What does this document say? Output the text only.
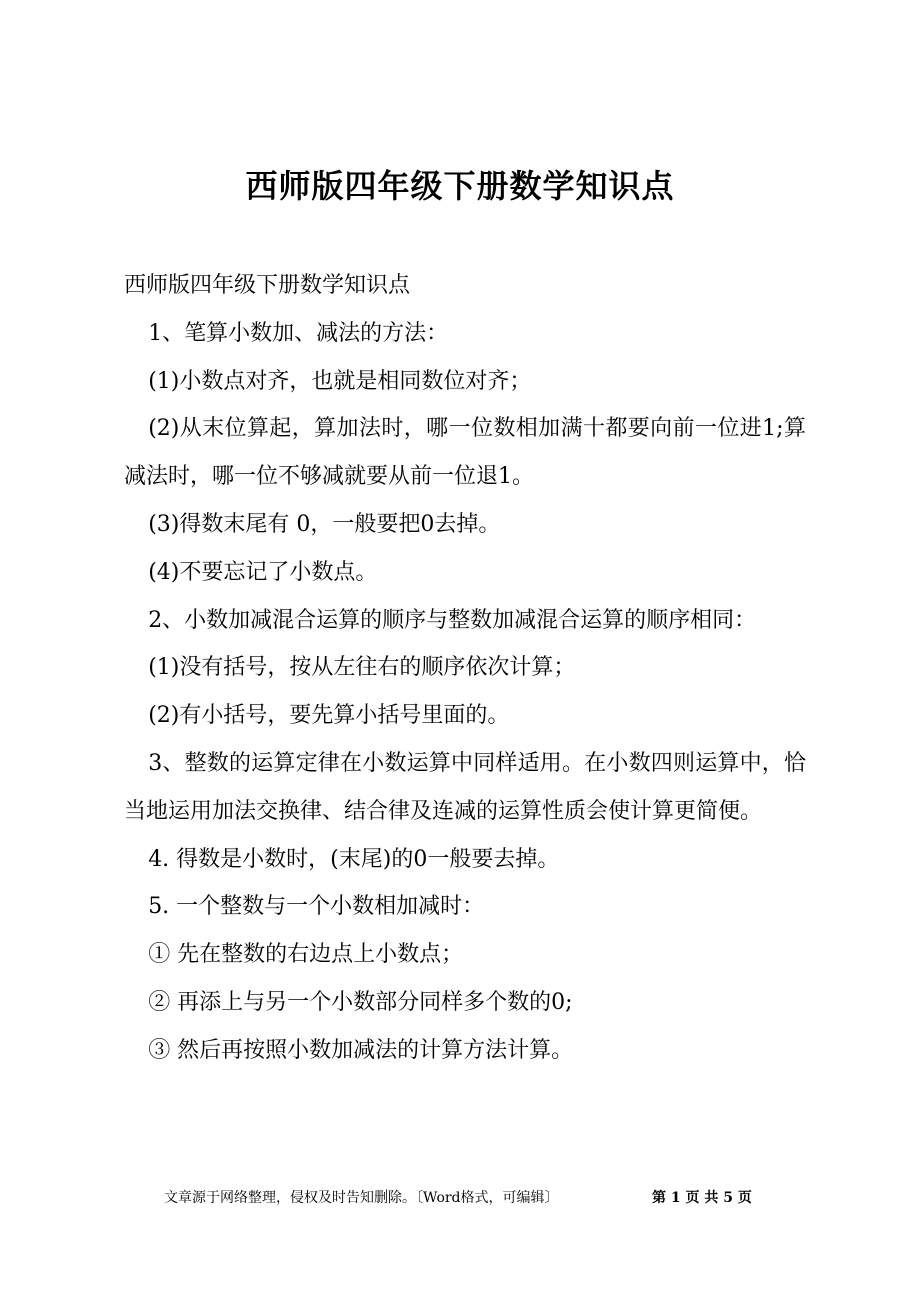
西师版四年级下册数学知识点

西师版四年级下册数学知识点

1、笔算小数加、减法的方法：

(1)小数点对齐，也就是相同数位对齐；

(2)从末位算起，算加法时，哪一位数相加满十都要向前一位进1;算减法时，哪一位不够减就要从前一位退1。

(3)得数末尾有 0，一般要把0去掉。

(4)不要忘记了小数点。

2、小数加减混合运算的顺序与整数加减混合运算的顺序相同：

(1)没有括号，按从左往右的顺序依次计算；

(2)有小括号，要先算小括号里面的。

3、整数的运算定律在小数运算中同样适用。在小数四则运算中，恰当地运用加法交换律、结合律及连减的运算性质会使计算更简便。

4. 得数是小数时，(末尾)的0一般要去掉。

5. 一个整数与一个小数相加减时：

① 先在整数的右边点上小数点；

② 再添上与另一个小数部分同样多个数的0;

③ 然后再按照小数加减法的计算方法计算。

文章源于网络整理，侵权及时告知删除。〔Word格式，可编辑〕	第 1 页 共 5 页
